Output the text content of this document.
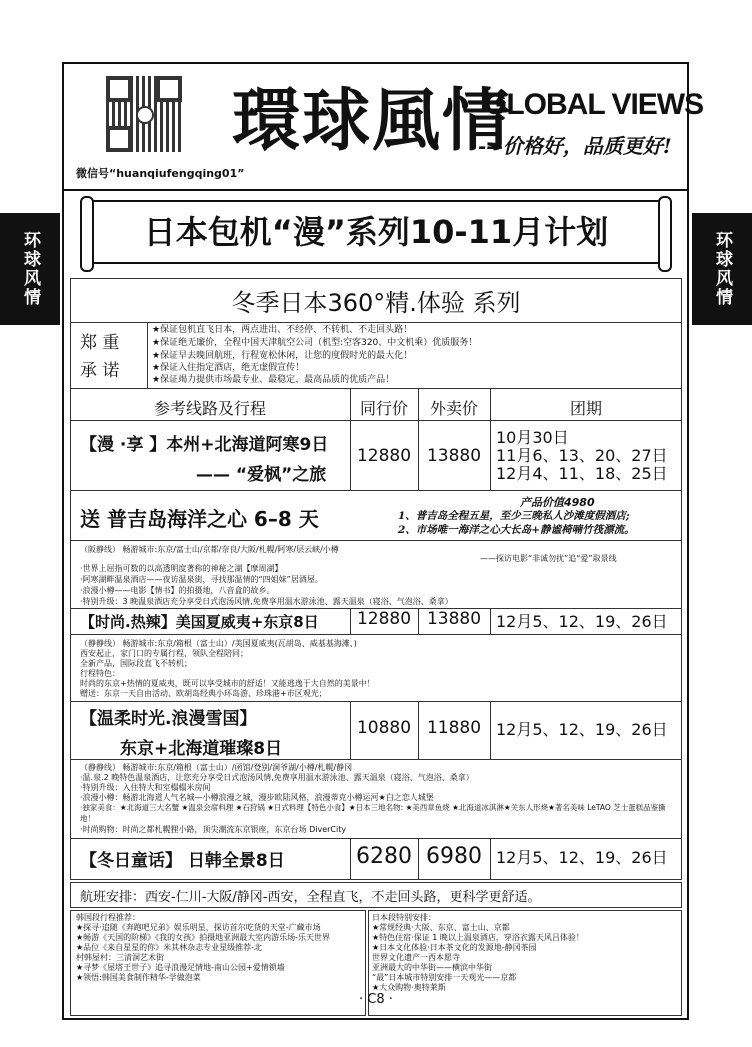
环球风情	环球风情
微信号“huanqiufengqing01”
環球風情
GLOBAL VIEWS
---价格好，品质更好!
日本包机“漫”系列10-11月计划
冬季日本360°精.体验 系列
郑 重
承 诺
★保证包机直飞日本，两点进出、不经停、不转机、不走回头路！
★保证绝无廉价，全程中国天津航空公司（机型:空客320、中文机乘）优质服务！
★保证早去晚回航班，行程宽松休闲，让您的度假时光的最大化！
★保证入住指定酒店，绝无虚假宣传！
★保证竭力提供市场最专业、最稳定、最高品质的优质产品！
参考线路及行程	同行价	外卖价	团期
【漫 ·享 】本州+北海道阿寒9日
—— “爱枫”之旅
12880 13880
10月30日
11月6、13、20、27日
12月4、11、18、25日
送 普吉岛海洋之心 6–8 天
产品价值4980
1、普吉岛全程五星，至少三晚私人沙滩度假酒店;
2、市场唯一海洋之心大长岛+静谧椅喃竹筏漂流。
（阪静线） 畅游城市:东京/富士山/京都/奈良/大阪/札幌/阿寒/层云峡/小樽
——探访电影“非诚勿扰”追“爱”取景线
·世界上屈指可数的以高透明度著称的神秘之湖【摩周湖】
·阿寒湖畔温泉酒店——夜访温泉街，寻找那温情的“四姐妹”居酒屋。
·浪漫小樽——电影【情书】的拍摄地，八音盒的故乡。
·特别升级：3 晚温泉酒店充分享受日式泡汤风情,免费享用温水游泳池、露天温泉（寝浴、气泡浴、桑拿）
【时尚.热辣】美国夏威夷+东京8日	12880 13880 12月5、12、19、26日
（静静线） 畅游城市:东京/箱根（富士山）/美国夏威夷(瓦胡岛、威基基海滩、)
西安起止，家门口的专属行程，领队全程陪同；
全新产品，国际段直飞不转机；
行程特色：
时尚的东京+热情的夏威夷，既可以享受城市的舒适！又能逃逸于大自然的美景中！
赠送：东京一天自由活动、欧胡岛经典小环岛游、珍珠港+市区观光；
【温柔时光.浪漫雪国】
东京+北海道璀璨8日
10880 11880 12月5、12、19、26日
（静静线） 畅游城市:东京/箱根（富士山）/函馆/登别/洞爷湖/小樽/札幌/静冈
·温.泉.2 晚特色温泉酒店，让您充分享受日式泡汤风情,免费享用温水游泳池、露天温泉（寝浴、气泡浴、桑拿）
·特别升级：入住特大和室榻榻米房间
·浪漫小樽：畅游北海道人气名城—小樽浪漫之城，漫步欧陆风格，浪漫蒂克小樽运河★白之恋人城堡
·独家美食：★北海道三大名蟹 ★温泉会席料理 ★石狩锅 ★日式料理【特色小食】★日本三地名物: ★美西章鱼烧 ★北海道冰淇淋★关东人形烧★著名美味 LeTAO 芝士蛋糕品鉴撕地！
·时尚购物：时尚之都札幌狸小路，顶尖潮流东京银座，东京台场 DiverCity
【冬日童话】 日韩全景8日	6280 6980 12月5、12、19、26日
航班安排：西安-仁川-大阪/静冈-西安，全程直飞，不走回头路，更科学更舒适。
韩国段行程推荐：
★探寻·追随《奔跑吧兄弟》娱乐明星，探访首尔吃货的天堂-广藏市场
★畅游《天国的阶梯》《我的女孩》拍摄地亚洲最大室内游乐场-乐天世界
★品位《来自星星的你》米其林杂志专业星级推荐-北
村韩屋村：三清洞艺术街
★寻梦《屋塔王世子》追寻浪漫足情地-南山公园+爱情锁墙
★领悟:韩国美食制作精华-学做泡菜
日本段特别安排：
★常规经典·大阪、东京、富士山、京都
★特色住宿·保证 1 晚以上温泉酒店，穿浴衣露天风吕体验！
★日本文化体验·日本茶文化的发源地-静冈茶园
世界文化遗产一西本愿寺
亚洲最大的中华街——横滨中华街
“最”日本城市特别安排一天观光——京都
★大众购物·奥特莱斯
· C8 ·
